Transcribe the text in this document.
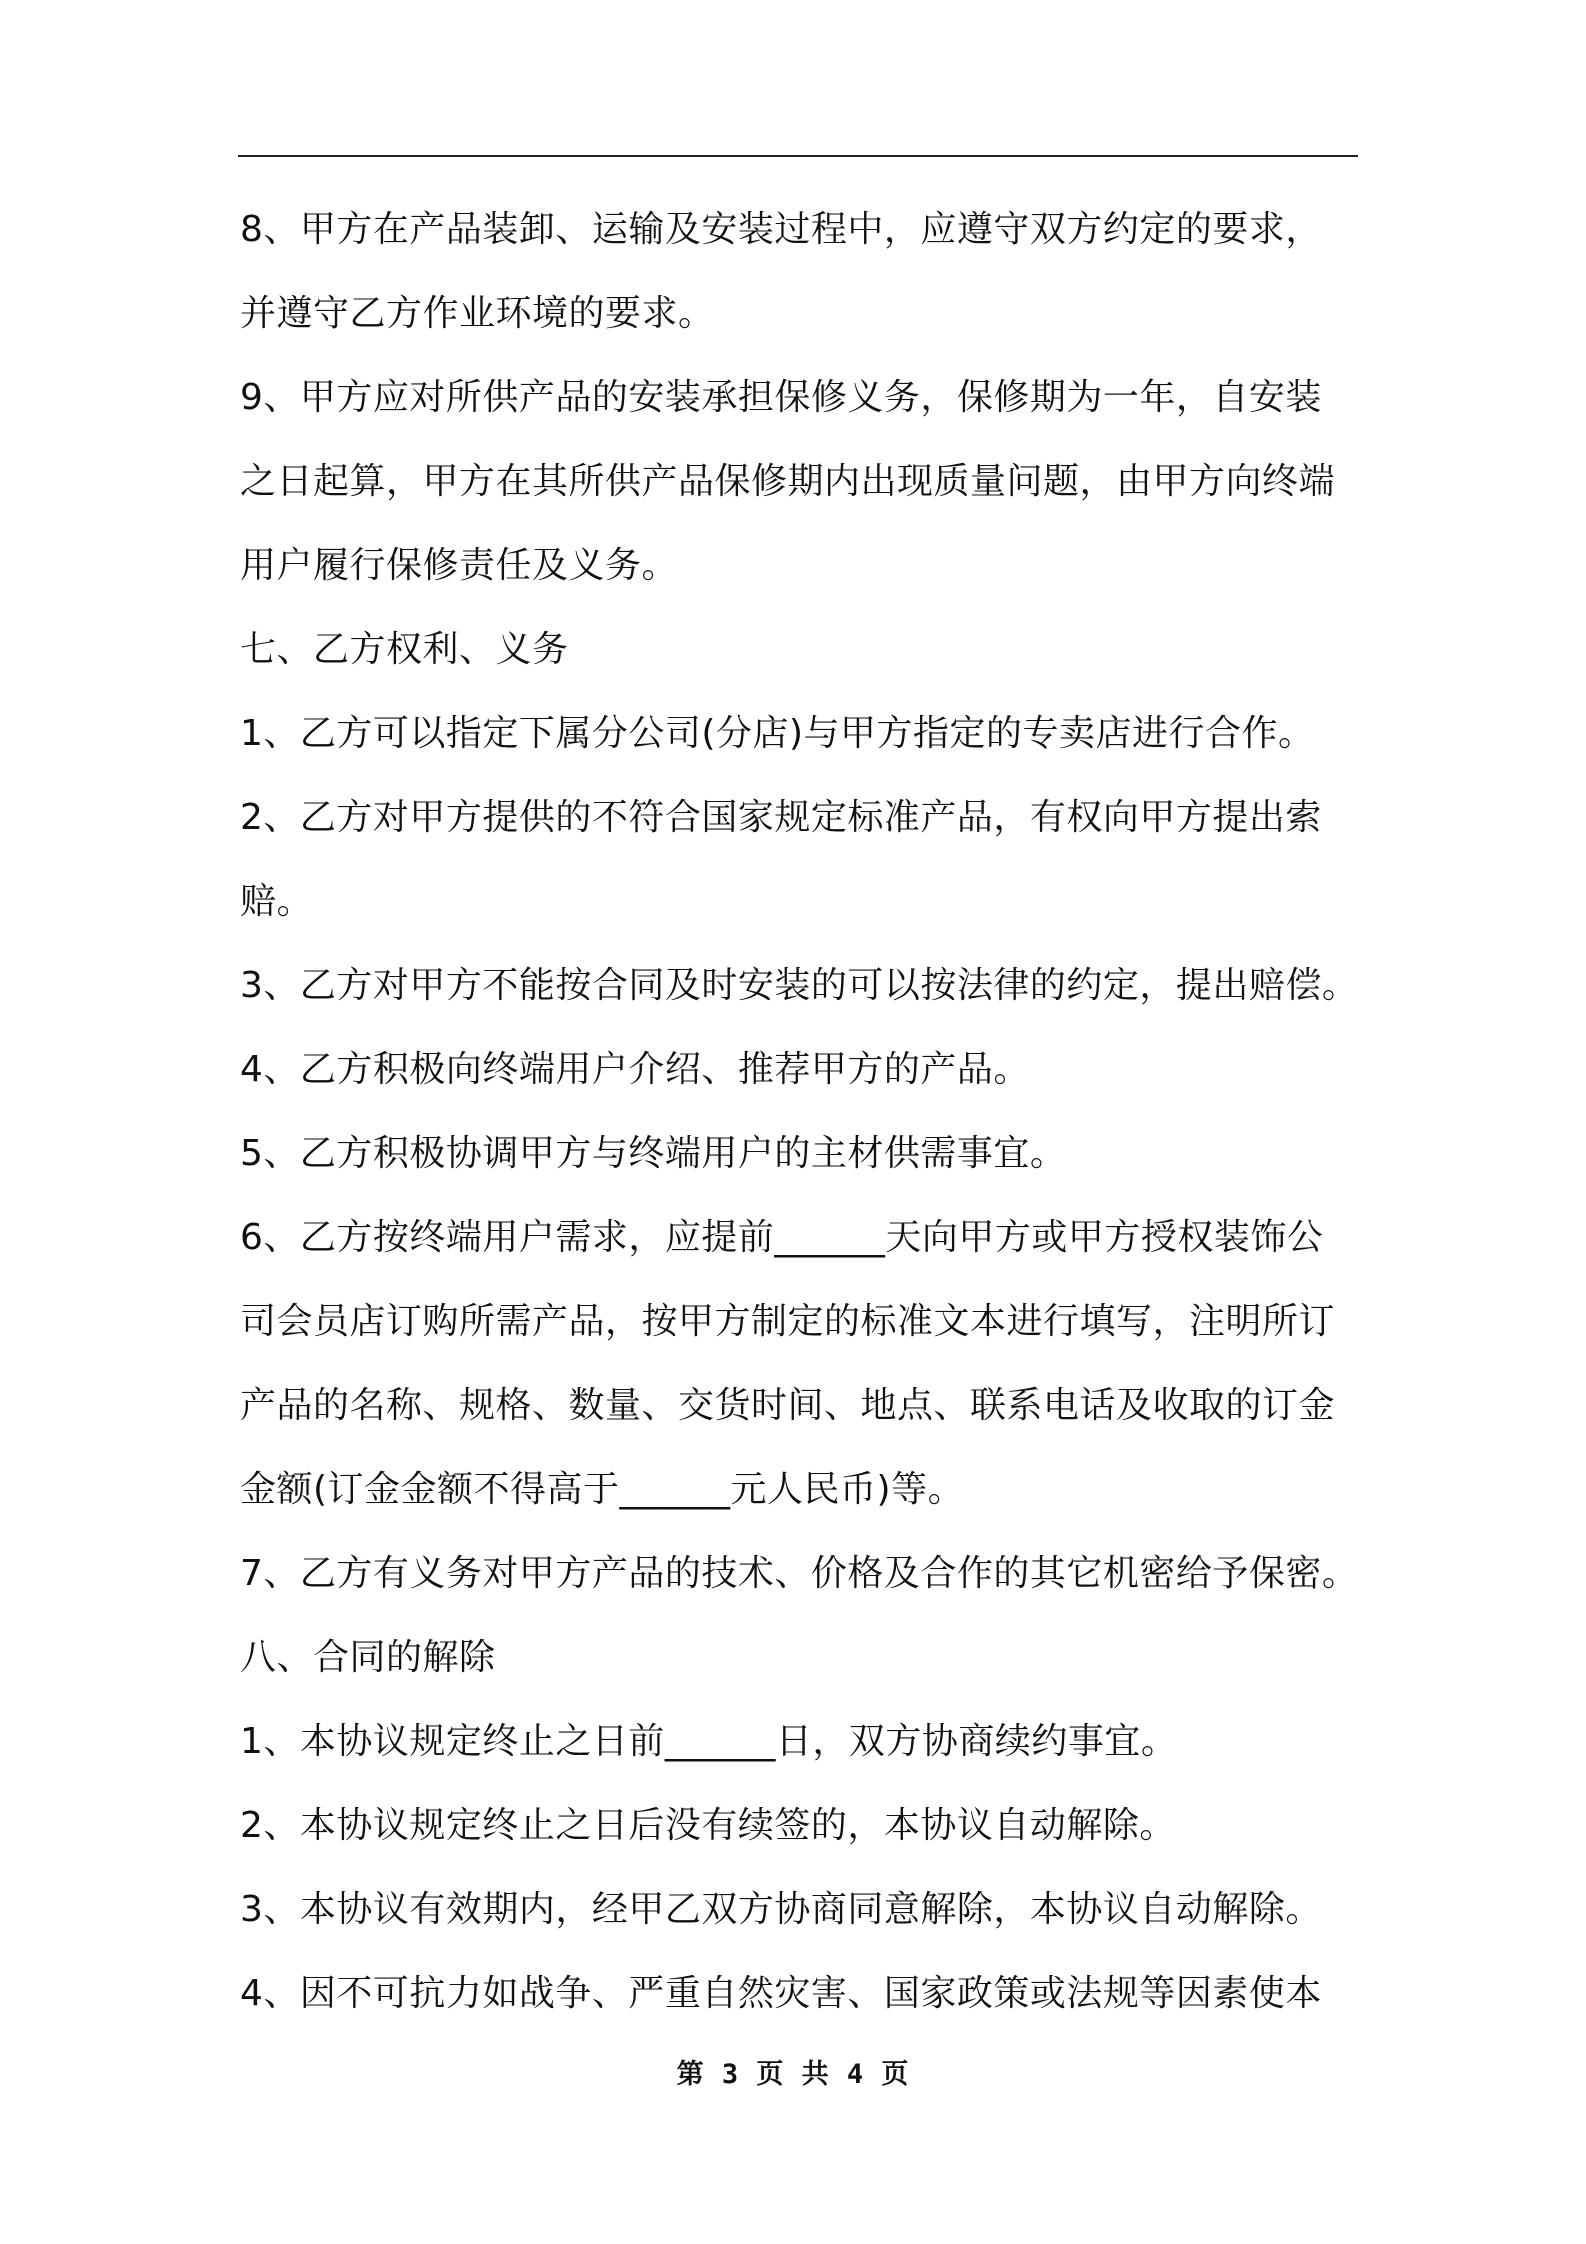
8、甲方在产品装卸、运输及安装过程中，应遵守双方约定的要求，
并遵守乙方作业环境的要求。
9、甲方应对所供产品的安装承担保修义务，保修期为一年，自安装
之日起算，甲方在其所供产品保修期内出现质量问题，由甲方向终端
用户履行保修责任及义务。
七、乙方权利、义务
1、乙方可以指定下属分公司(分店)与甲方指定的专卖店进行合作。
2、乙方对甲方提供的不符合国家规定标准产品，有权向甲方提出索
赔。
3、乙方对甲方不能按合同及时安装的可以按法律的约定，提出赔偿。
4、乙方积极向终端用户介绍、推荐甲方的产品。
5、乙方积极协调甲方与终端用户的主材供需事宜。
6、乙方按终端用户需求，应提前______天向甲方或甲方授权装饰公
司会员店订购所需产品，按甲方制定的标准文本进行填写，注明所订
产品的名称、规格、数量、交货时间、地点、联系电话及收取的订金
金额(订金金额不得高于______元人民币)等。
7、乙方有义务对甲方产品的技术、价格及合作的其它机密给予保密。
八、合同的解除
1、本协议规定终止之日前______日，双方协商续约事宜。
2、本协议规定终止之日后没有续签的，本协议自动解除。
3、本协议有效期内，经甲乙双方协商同意解除，本协议自动解除。
4、因不可抗力如战争、严重自然灾害、国家政策或法规等因素使本
第 3 页 共 4 页
